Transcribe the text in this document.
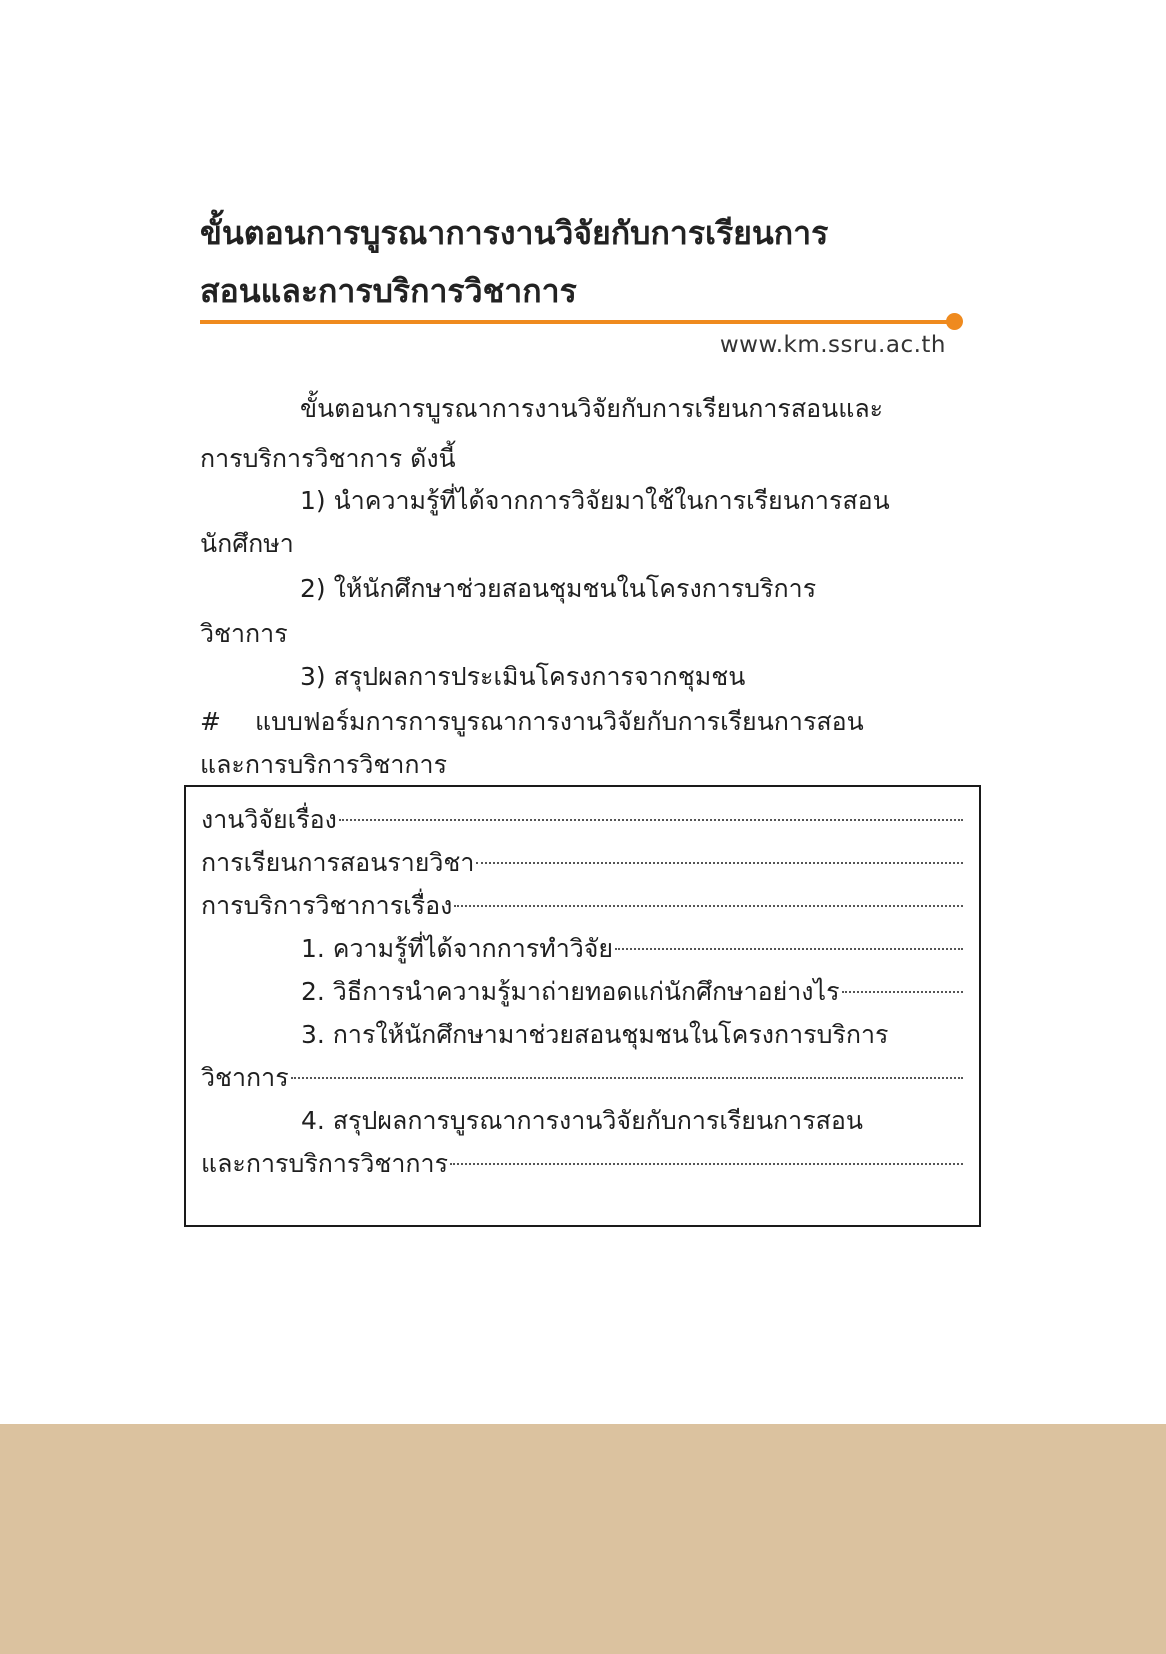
ขั้นตอนการบูรณาการงานวิจัยกับการเรียนการ
สอนและการบริการวิชาการ
www.km.ssru.ac.th
ขั้นตอนการบูรณาการงานวิจัยกับการเรียนการสอนและ
การบริการวิชาการ ดังนี้
1) นำความรู้ที่ได้จากการวิจัยมาใช้ในการเรียนการสอน
นักศึกษา
2) ให้นักศึกษาช่วยสอนชุมชนในโครงการบริการ
วิชาการ
3) สรุปผลการประเมินโครงการจากชุมชน
# แบบฟอร์มการการบูรณาการงานวิจัยกับการเรียนการสอน
และการบริการวิชาการ
งานวิจัยเรื่อง
การเรียนการสอนรายวิชา
การบริการวิชาการเรื่อง
1. ความรู้ที่ได้จากการทำวิจัย
2. วิธีการนำความรู้มาถ่ายทอดแก่นักศึกษาอย่างไร
3. การให้นักศึกษามาช่วยสอนชุมชนในโครงการบริการ
วิชาการ
4. สรุปผลการบูรณาการงานวิจัยกับการเรียนการสอน
และการบริการวิชาการ
